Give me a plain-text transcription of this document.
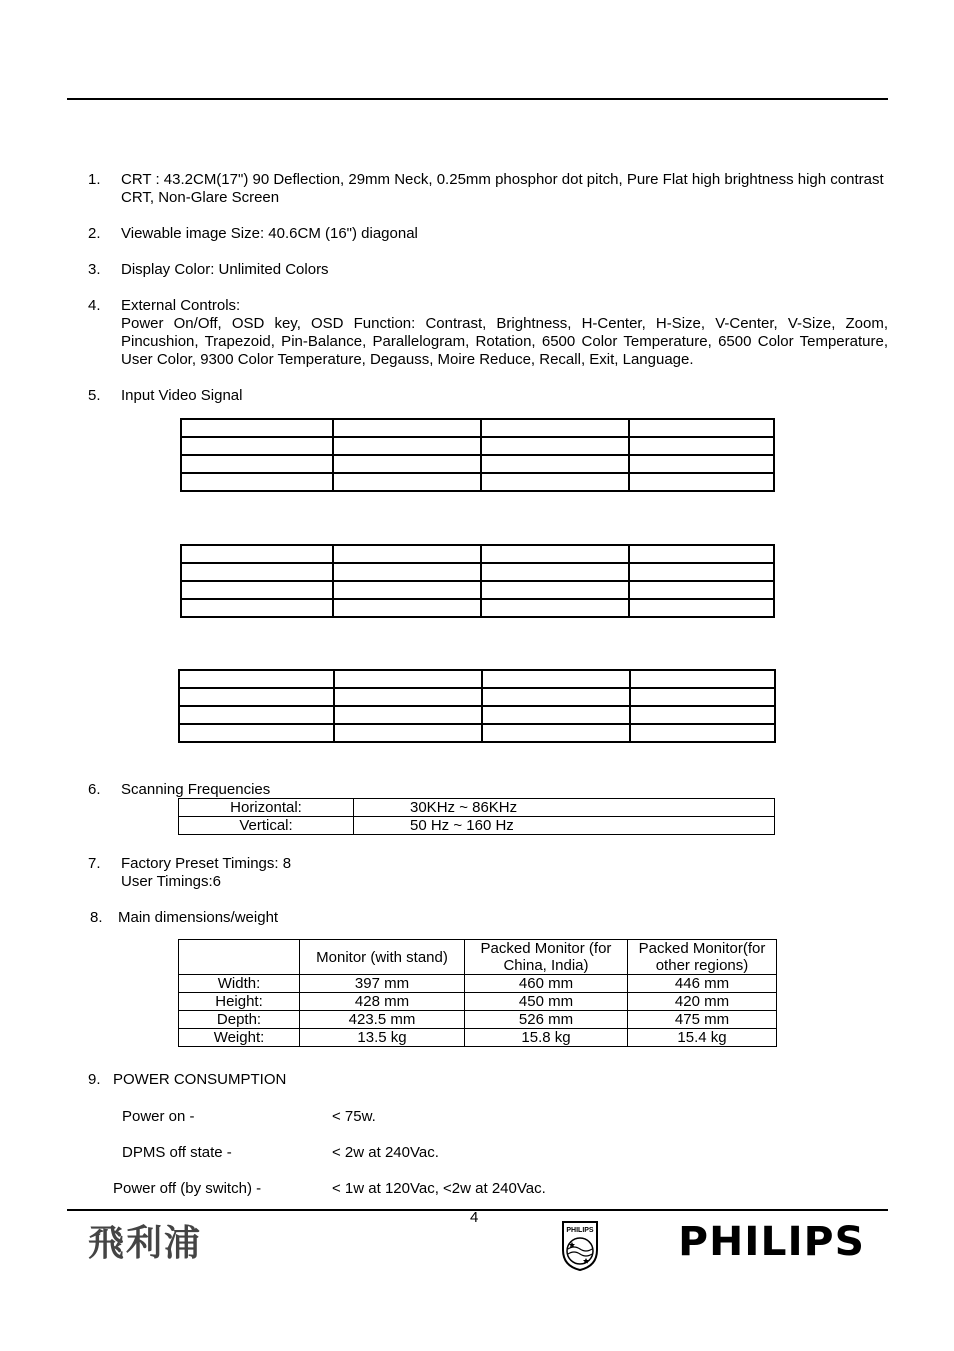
1. CRT : 43.2CM(17") 90 Deflection, 29mm Neck, 0.25mm phosphor dot pitch, Pure Flat high brightness high contrast CRT, Non-Glare Screen
2. Viewable image Size: 40.6CM (16") diagonal
3. Display Color: Unlimited Colors
4. External Controls:
Power On/Off, OSD key, OSD Function: Contrast, Brightness, H-Center, H-Size, V-Center, V-Size, Zoom, Pincushion, Trapezoid, Pin-Balance, Parallelogram, Rotation, 6500 Color Temperature, 6500 Color Temperature, User Color, 9300 Color Temperature, Degauss, Moire Reduce, Recall, Exit, Language.
5. Input Video Signal

6. Scanning Frequencies
Horizontal:	30KHz ~ 86KHz
Vertical:	50 Hz ~ 160 Hz
7. Factory Preset Timings: 8
User Timings:6
8. Main dimensions/weight
	Monitor (with stand)	Packed Monitor (for China, India)	Packed Monitor(for other regions)
Width:	397 mm	460 mm	446 mm
Height:	428 mm	450 mm	420 mm
Depth:	423.5 mm	526 mm	475 mm
Weight:	13.5 kg	15.8 kg	15.4 kg
9. POWER CONSUMPTION
Power on -	< 75w.
DPMS off state -	< 2w at 240Vac.
Power off (by switch) -	< 1w at 120Vac, <2w at 240Vac.
4
飛利浦	PHILIPS PHILIPS
